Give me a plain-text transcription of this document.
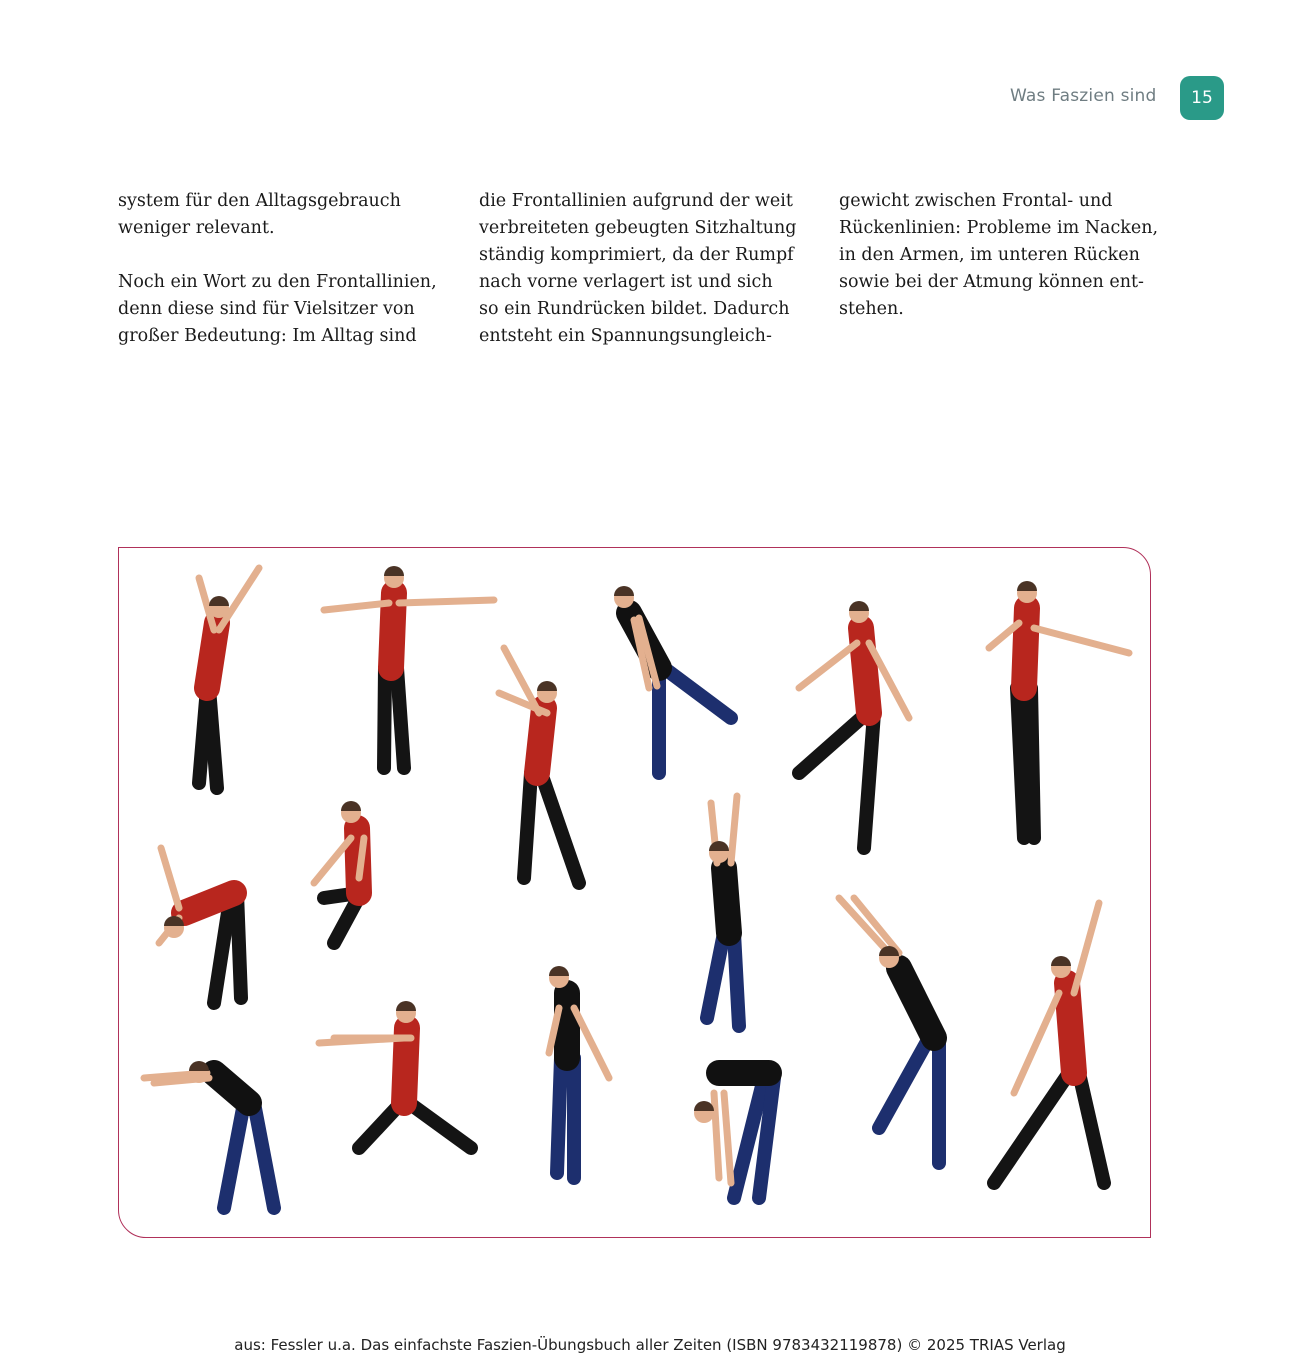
Was Faszien sind	15

system für den Alltagsgebrauch
weniger relevant.

Noch ein Wort zu den Frontallinien,
denn diese sind für Vielsitzer von
großer Bedeutung: Im Alltag sind

die Frontallinien aufgrund der weit
verbreiteten gebeugten Sitzhaltung
ständig komprimiert, da der Rumpf
nach vorne verlagert ist und sich
so ein Rundrücken bildet. Dadurch
entsteht ein Spannungsungleich-

gewicht zwischen Frontal- und
Rückenlinien: Probleme im Nacken,
in den Armen, im unteren Rücken
sowie bei der Atmung können ent-
stehen.

aus: Fessler u.a. Das einfachste Faszien-Übungsbuch aller Zeiten (ISBN 9783432119878) © 2025 TRIAS Verlag
